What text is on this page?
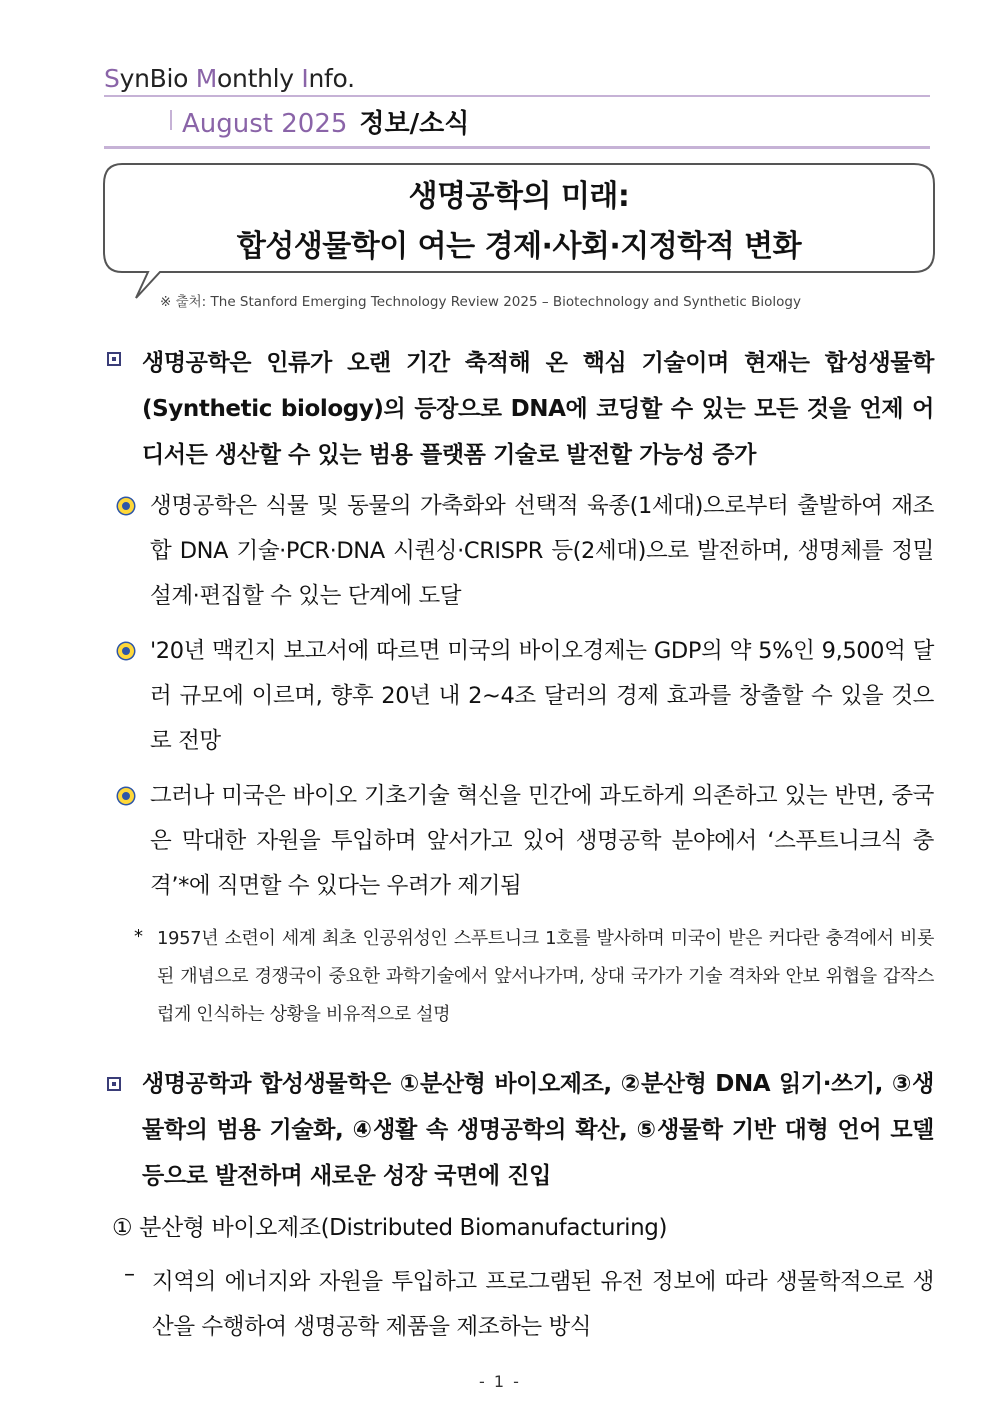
SynBio Monthly Info.
August 2025 정보/소식
생명공학의 미래:
합성생물학이 여는 경제·사회·지정학적 변화
※ 출처: The Stanford Emerging Technology Review 2025 – Biotechnology and Synthetic Biology
생명공학은 인류가 오랜 기간 축적해 온 핵심 기술이며 현재는 합성생물학 (Synthetic biology)의 등장으로 DNA에 코딩할 수 있는 모든 것을 언제 어디서든 생산할 수 있는 범용 플랫폼 기술로 발전할 가능성 증가
생명공학은 식물 및 동물의 가축화와 선택적 육종(1세대)으로부터 출발하여 재조합 DNA 기술·PCR·DNA 시퀀싱·CRISPR 등(2세대)으로 발전하며, 생명체를 정밀 설계·편집할 수 있는 단계에 도달
'20년 맥킨지 보고서에 따르면 미국의 바이오경제는 GDP의 약 5%인 9,500억 달러 규모에 이르며, 향후 20년 내 2~4조 달러의 경제 효과를 창출할 수 있을 것으로 전망
그러나 미국은 바이오 기초기술 혁신을 민간에 과도하게 의존하고 있는 반면, 중국은 막대한 자원을 투입하며 앞서가고 있어 생명공학 분야에서 ‘스푸트니크식 충격’*에 직면할 수 있다는 우려가 제기됨
* 1957년 소련이 세계 최초 인공위성인 스푸트니크 1호를 발사하며 미국이 받은 커다란 충격에서 비롯된 개념으로 경쟁국이 중요한 과학기술에서 앞서나가며, 상대 국가가 기술 격차와 안보 위협을 갑작스럽게 인식하는 상황을 비유적으로 설명
생명공학과 합성생물학은 ①분산형 바이오제조, ②분산형 DNA 읽기·쓰기, ③생물학의 범용 기술화, ④생활 속 생명공학의 확산, ⑤생물학 기반 대형 언어 모델 등으로 발전하며 새로운 성장 국면에 진입
① 분산형 바이오제조(Distributed Biomanufacturing)
– 지역의 에너지와 자원을 투입하고 프로그램된 유전 정보에 따라 생물학적으로 생산을 수행하여 생명공학 제품을 제조하는 방식
- 1 -
